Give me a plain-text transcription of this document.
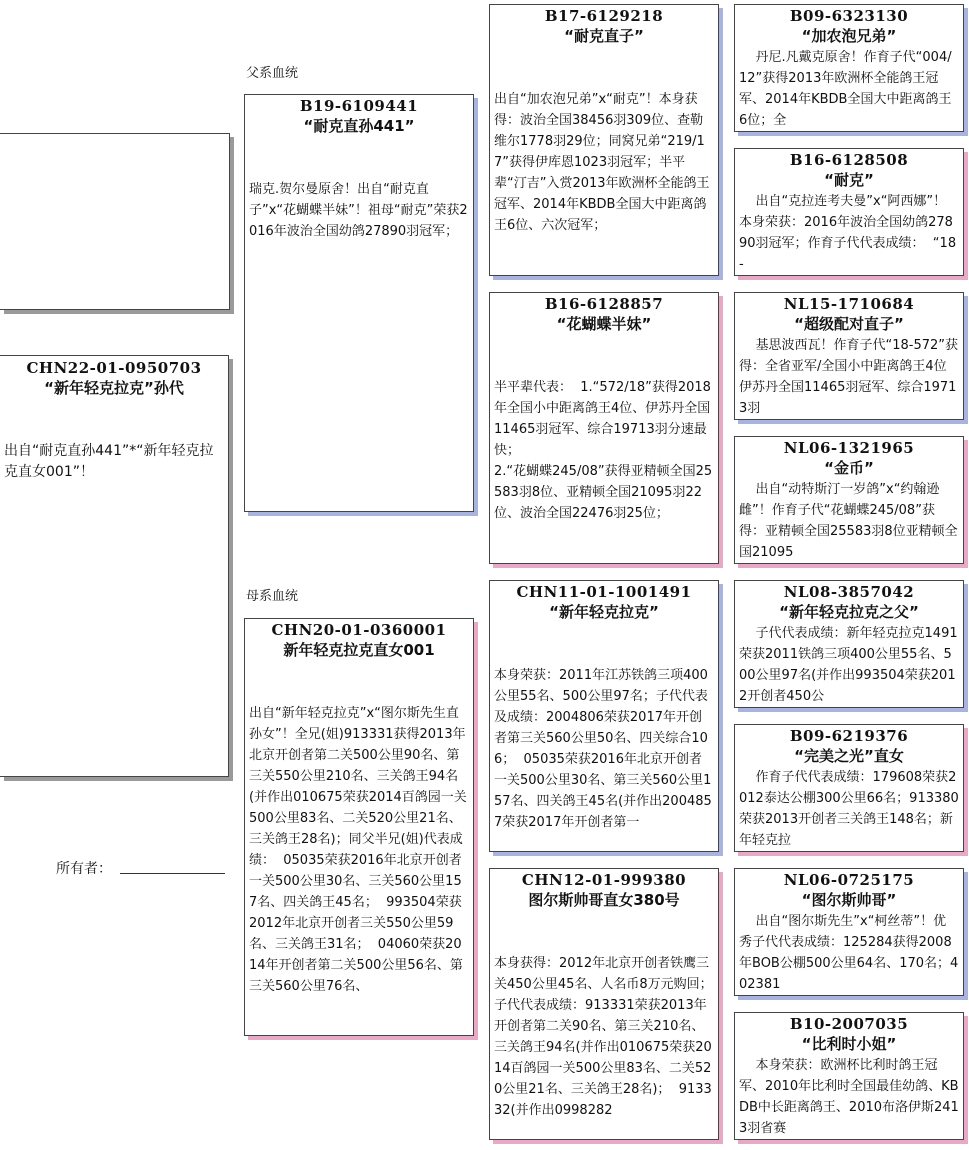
父系血统
母系血统
所有者：
CHN22-01-0950703
“新年轻克拉克”孙代
出自“耐克直孙441”*“新年轻克拉克直女001”！
B19-6109441
“耐克直孙441”
瑞克.贺尔曼原舍！出自“耐克直子”x“花蝴蝶半妹”！祖母“耐克”荣获2016年波治全国幼鸽27890羽冠军；
CHN20-01-0360001
新年轻克拉克直女001
出自“新年轻克拉克”x“图尔斯先生直孙女”！全兄(姐)913331获得2013年北京开创者第二关500公里90名、第三关550公里210名、三关鸽王94名(并作出010675荣获2014百鸽园一关500公里83名、二关520公里21名、三关鸽王28名)；同父半兄(姐)代表成绩：  05035荣获2016年北京开创者一关500公里30名、三关560公里157名、四关鸽王45名；  993504荣获2012年北京开创者三关550公里59名、三关鸽王31名；  04060荣获2014年开创者第二关500公里56名、第三关560公里76名、
B17-6129218
“耐克直子”
出自“加农泡兄弟”x“耐克”！本身获得：波治全国38456羽309位、查勒维尔1778羽29位；同窝兄弟“219/17”获得伊库恩1023羽冠军；半平辈“汀吉”入赏2013年欧洲杯全能鸽王冠军、2014年KBDB全国大中距离鸽王6位、六次冠军；
B16-6128857
“花蝴蝶半妹”
半平辈代表：  1.“572/18”获得2018年全国小中距离鸽王4位、伊苏丹全国11465羽冠军、综合19713羽分速最快；
2.“花蝴蝶245/08”获得亚精顿全国25583羽8位、亚精顿全国21095羽22位、波治全国22476羽25位；
CHN11-01-1001491
“新年轻克拉克”
本身荣获：2011年江苏铁鸽三项400公里55名、500公里97名；子代代表及成绩：2004806荣获2017年开创者第三关560公里50名、四关综合106；  05035荣获2016年北京开创者一关500公里30名、第三关560公里157名、四关鸽王45名(并作出2004857荣获2017年开创者第一
CHN12-01-999380
图尔斯帅哥直女380号
本身获得：2012年北京开创者铁鹰三关450公里45名、人名币8万元购回；子代代表成绩：913331荣获2013年开创者第二关90名、第三关210名、三关鸽王94名(并作出010675荣获2014百鸽园一关500公里83名、二关520公里21名、三关鸽王28名)；  913332(并作出0998282
B09-6323130
“加农泡兄弟”
丹尼.凡戴克原舍！作育子代“004/12”获得2013年欧洲杯全能鸽王冠军、2014年KBDB全国大中距离鸽王6位；全
B16-6128508
“耐克”
出自“克拉连考夫曼”x“阿西娜”！本身荣获：2016年波治全国幼鸽27890羽冠军；作育子代代表成绩：  “18-
NL15-1710684
“超级配对直子”
基思波西瓦！作育子代“18-572”获得：全省亚军/全国小中距离鸽王4位  伊苏丹全国11465羽冠军、综合19713羽
NL06-1321965
“金币”
出自“动特斯汀一岁鸽”x“约翰逊雌”！作育子代“花蝴蝶245/08”获得：亚精顿全国25583羽8位亚精顿全国21095
NL08-3857042
“新年轻克拉克之父”
子代代表成绩：新年轻克拉克1491荣获2011铁鸽三项400公里55名、500公里97名(并作出993504荣获2012开创者450公
B09-6219376
“完美之光”直女
作育子代代表成绩：179608荣获2012泰达公棚300公里66名；913380荣获2013开创者三关鸽王148名；新年轻克拉
NL06-0725175
“图尔斯帅哥”
出自“图尔斯先生”x“柯丝蒂”！优秀子代代表成绩：125284获得2008年BOB公棚500公里64名、170名；402381
B10-2007035
“比利时小姐”
本身荣获：欧洲杯比利时鸽王冠军、2010年比利时全国最佳幼鸽、KBDB中长距离鸽王、2010布洛伊斯2413羽省赛
